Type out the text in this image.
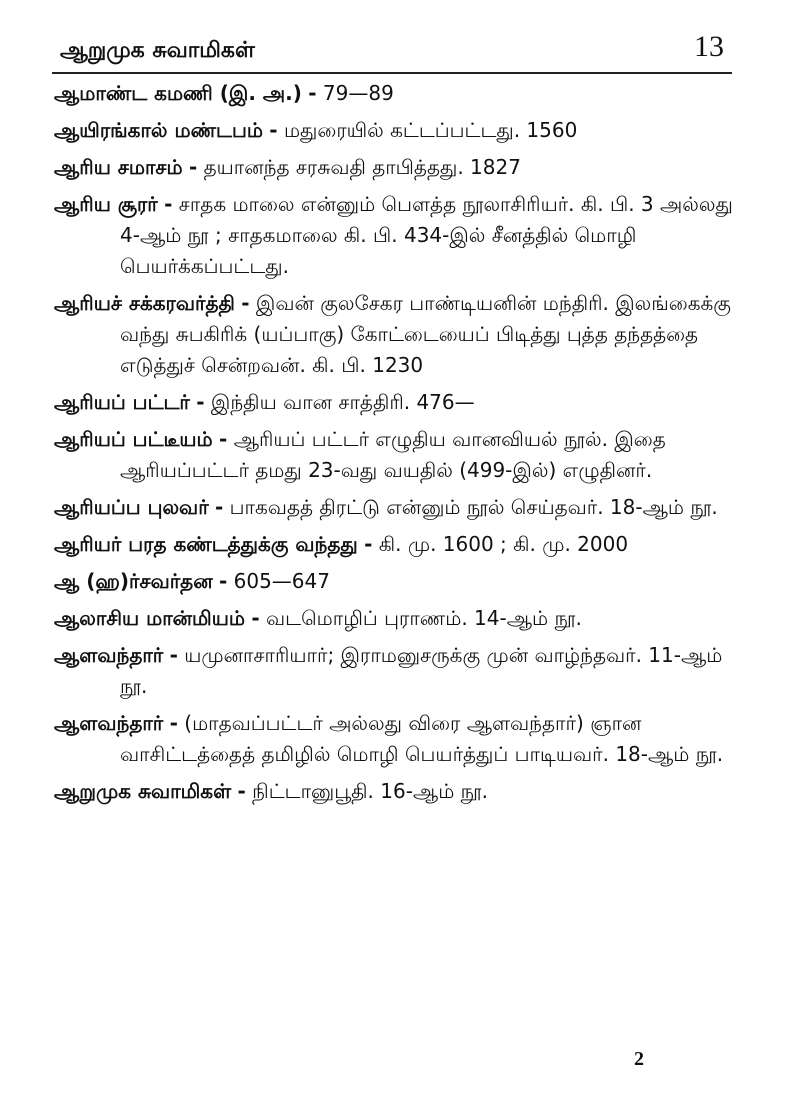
ஆறுமுக சுவாமிகள்	13

ஆமாண்ட கமணி (இ. அ.) - 79—89

ஆயிரங்கால் மண்டபம் - மதுரையில் கட்டப்பட்டது. 1560

ஆரிய சமாசம் - தயானந்த சரசுவதி தாபித்தது. 1827

ஆரிய சூரர் - சாதக மாலை என்னும் பௌத்த நூலாசிரியர். கி. பி. 3 அல்லது 4-ஆம் நூ ; சாதகமாலை கி. பி. 434-இல் சீனத்தில் மொழி பெயர்க்கப்பட்டது.

ஆரியச் சக்கரவர்த்தி - இவன் குலசேகர பாண்டியனின் மந்திரி. இலங்கைக்கு வந்து சுபகிரிக் (யப்பாகு) கோட்டையைப் பிடித்து புத்த தந்தத்தை எடுத்துச் சென்றவன். கி. பி. 1230

ஆரியப் பட்டர் - இந்திய வான சாத்திரி. 476—

ஆரியப் பட்டீயம் - ஆரியப் பட்டர் எழுதிய வானவியல் நூல். இதை ஆரியப்பட்டர் தமது 23-வது வயதில் (499-இல்) எழுதினர்.

ஆரியப்ப புலவர் - பாகவதத் திரட்டு என்னும் நூல் செய்தவர். 18-ஆம் நூ.

ஆரியர் பரத கண்டத்துக்கு வந்தது - கி. மு. 1600 ; கி. மு. 2000

ஆ (ஹ)ர்சவர்தன - 605—647

ஆலாசிய மான்மியம் - வடமொழிப் புராணம். 14-ஆம் நூ.

ஆளவந்தார் - யமுனாசாரியார்; இராமனுசருக்கு முன் வாழ்ந்தவர். 11-ஆம் நூ.

ஆளவந்தார் - (மாதவப்பட்டர் அல்லது விரை ஆளவந்தார்) ஞான வாசிட்டத்தைத் தமிழில் மொழி பெயர்த்துப் பாடியவர். 18-ஆம் நூ.

ஆறுமுக சுவாமிகள் - நிட்டானுபூதி. 16-ஆம் நூ.

2
